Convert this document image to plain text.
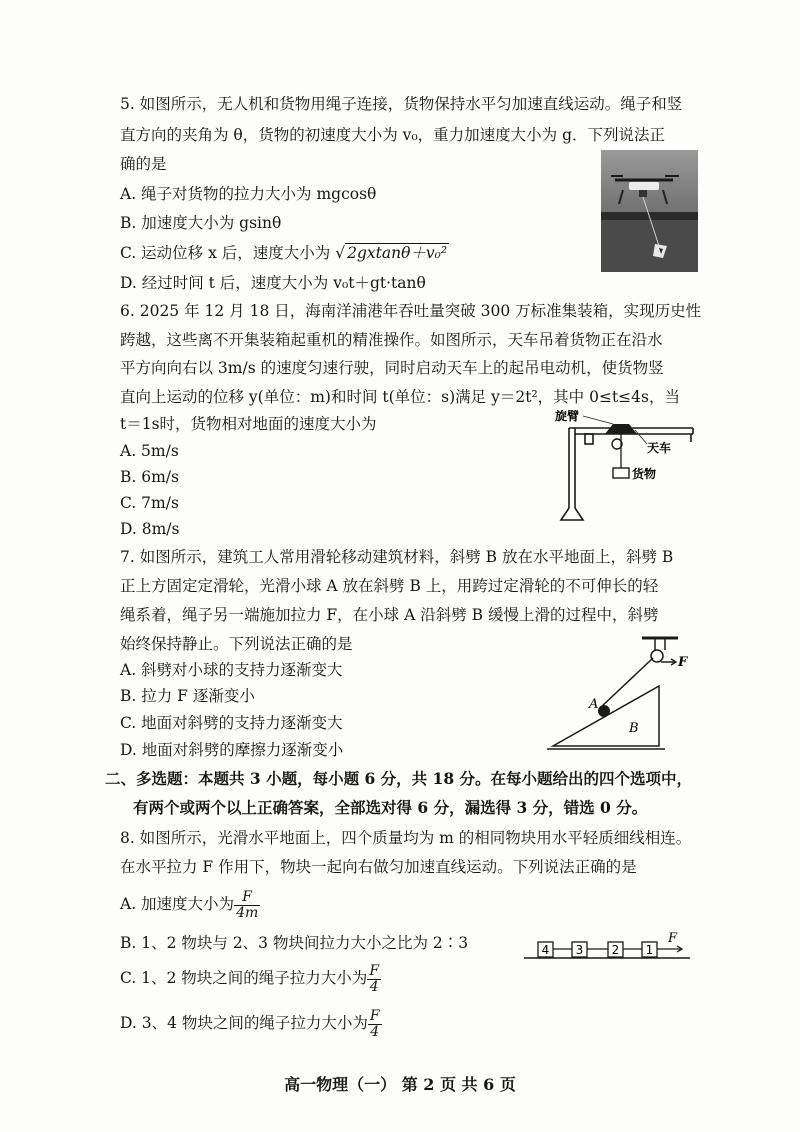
5. 如图所示，无人机和货物用绳子连接，货物保持水平匀加速直线运动。绳子和竖
直方向的夹角为 θ，货物的初速度大小为 v₀，重力加速度大小为 g．下列说法正
确的是
A. 绳子对货物的拉力大小为 mgcosθ
B. 加速度大小为 gsinθ
C. 运动位移 x 后，速度大小为 √ 2gxtanθ＋v₀²
D. 经过时间 t 后，速度大小为 v₀t＋gt·tanθ
6. 2025 年 12 月 18 日，海南洋浦港年吞吐量突破 300 万标准集装箱，实现历史性
跨越，这些离不开集装箱起重机的精准操作。如图所示，天车吊着货物正在沿水
平方向向右以 3m/s 的速度匀速行驶，同时启动天车上的起吊电动机，使货物竖
直向上运动的位移 y(单位：m)和时间 t(单位：s)满足 y＝2t²，其中 0≤t≤4s，当
t＝1s时，货物相对地面的速度大小为
A. 5m/s
B. 6m/s
C. 7m/s
D. 8m/s
旋臂
天车
货物
7. 如图所示，建筑工人常用滑轮移动建筑材料，斜劈 B 放在水平地面上，斜劈 B
正上方固定定滑轮，光滑小球 A 放在斜劈 B 上，用跨过定滑轮的不可伸长的轻
绳系着，绳子另一端施加拉力 F，在小球 A 沿斜劈 B 缓慢上滑的过程中，斜劈
始终保持静止。下列说法正确的是
A. 斜劈对小球的支持力逐渐变大
B. 拉力 F 逐渐变小
C. 地面对斜劈的支持力逐渐变大
D. 地面对斜劈的摩擦力逐渐变小
F
A
B
二、多选题：本题共 3 小题，每小题 6 分，共 18 分。在每小题给出的四个选项中，
有两个或两个以上正确答案，全部选对得 6 分，漏选得 3 分，错选 0 分。
8. 如图所示，光滑水平地面上，四个质量均为 m 的相同物块用水平轻质细线相连。
在水平拉力 F 作用下，物块一起向右做匀加速直线运动。下列说法正确的是
A. 加速度大小为 $\frac{F}{4m}$
B. 1、2 物块与 2、3 物块间拉力大小之比为 2∶3
C. 1、2 物块之间的绳子拉力大小为 $\frac{F}{4}$
D. 3、4 物块之间的绳子拉力大小为 $\frac{F}{4}$
4 3 2 1
F
高一物理（一） 第 2 页 共 6 页
